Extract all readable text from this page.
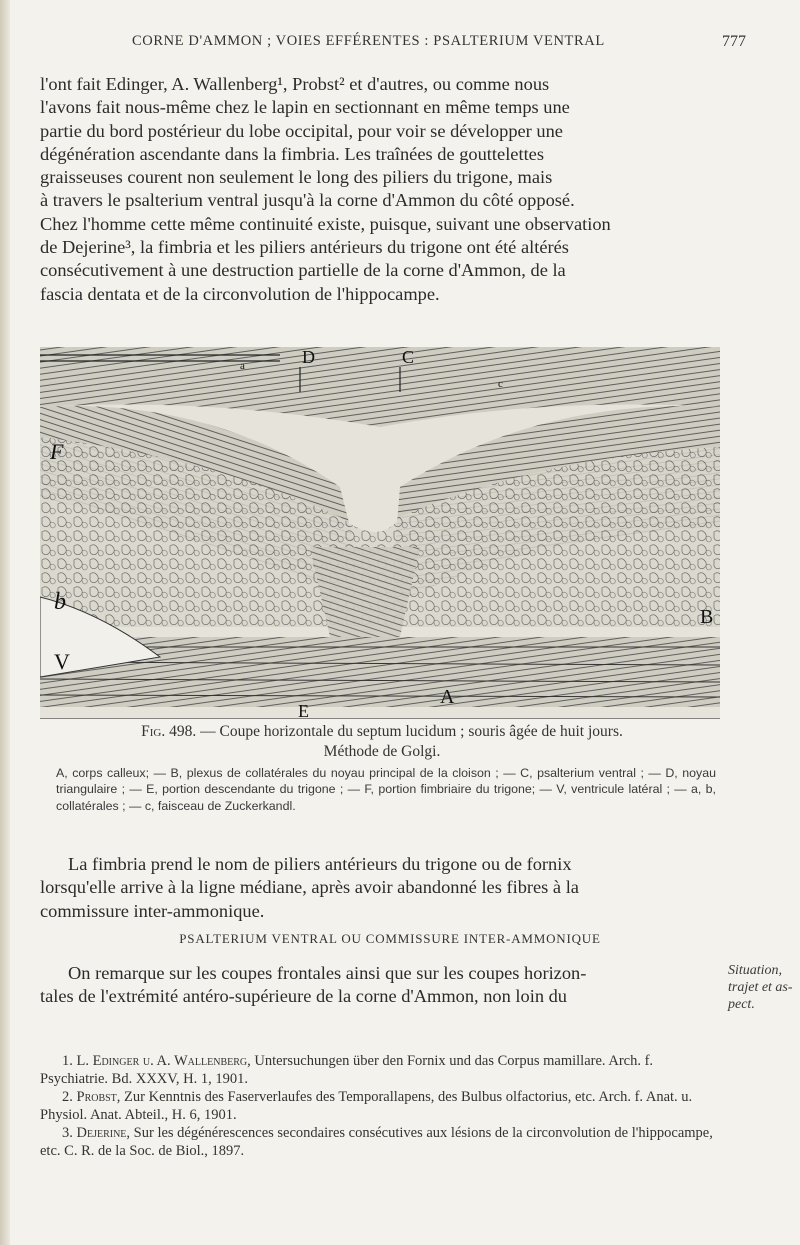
CORNE D'AMMON ; VOIES EFFÉRENTES : PSALTERIUM VENTRAL	777

l'ont fait Edinger, A. Wallenberg¹, Probst² et d'autres, ou comme nous

l'avons fait nous-même chez le lapin en sectionnant en même temps une

partie du bord postérieur du lobe occipital, pour voir se développer une

dégénération ascendante dans la fimbria. Les traînées de gouttelettes

graisseuses courent non seulement le long des piliers du trigone, mais

à travers le psalterium ventral jusqu'à la corne d'Ammon du côté opposé.

Chez l'homme cette même continuité existe, puisque, suivant une observation

de Dejerine³, la fimbria et les piliers antérieurs du trigone ont été altérés

consécutivement à une destruction partielle de la corne d'Ammon, de la

fascia dentata et de la circonvolution de l'hippocampe.

D	C
F
b
V
B
E
A
a
c
Fig. 498. — Coupe horizontale du septum lucidum ; souris âgée de huit jours.
Méthode de Golgi.
A, corps calleux; — B, plexus de collatérales du noyau principal de la cloison ; — C, psalterium ventral ; — D, noyau triangulaire ; — E, portion descendante du trigone ; — F, portion fimbriaire du trigone; — V, ventricule latéral ; — a, b, collatérales ; — c, faisceau de Zuckerkandl.

La fimbria prend le nom de piliers antérieurs du trigone ou de fornix

lorsqu'elle arrive à la ligne médiane, après avoir abandonné les fibres à la

commissure inter-ammonique.

PSALTERIUM VENTRAL OU COMMISSURE INTER-AMMONIQUE

On remarque sur les coupes frontales ainsi que sur les coupes horizon-

tales de l'extrémité antéro-supérieure de la corne d'Ammon, non loin du

Situation,
trajet et as-
pect.
1. L. Edinger u. A. Wallenberg, Untersuchungen über den Fornix und das Corpus mamillare. Arch. f. Psychiatrie. Bd. XXXV, H. 1, 1901.
2. Probst, Zur Kenntnis des Faserverlaufes des Temporallapens, des Bulbus olfactorius, etc. Arch. f. Anat. u. Physiol. Anat. Abteil., H. 6, 1901.
3. Dejerine, Sur les dégénérescences secondaires consécutives aux lésions de la circonvolution de l'hippocampe, etc. C. R. de la Soc. de Biol., 1897.
